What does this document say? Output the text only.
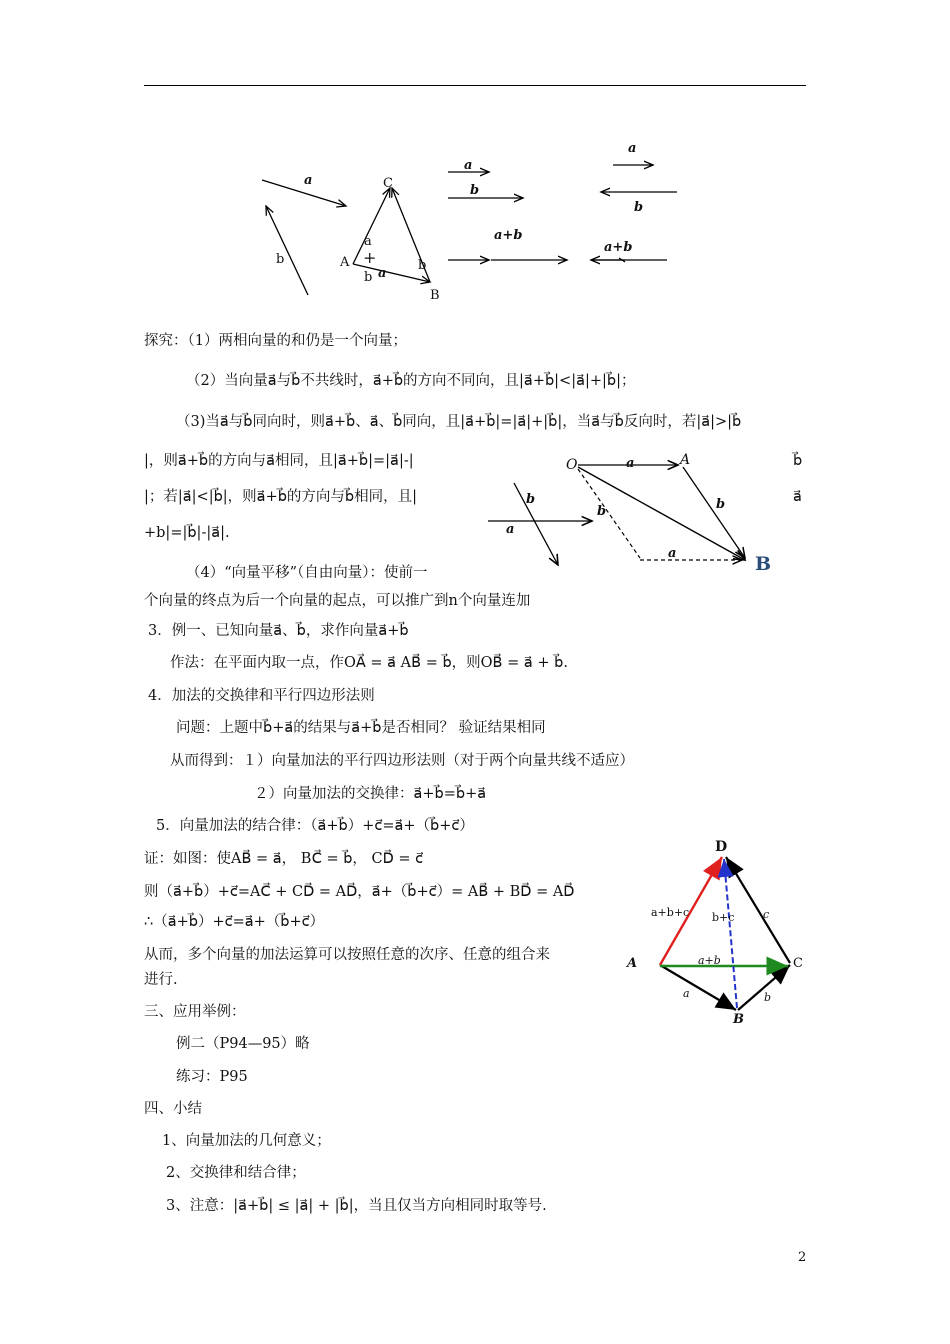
a
b
C
A
B
a
+
b a
b
a
b
a+b
a
b
a+b
探究：（1）两相向量的和仍是一个向量；
（2）当向量a⃗与b⃗不共线时，a⃗+b⃗的方向不同向，且|a⃗+b⃗|<|a⃗|+|b⃗|；
（3)当a⃗与b⃗同向时，则a⃗+b⃗、a⃗、b⃗同向，且|a⃗+b⃗|=|a⃗|+|b⃗|，当a⃗与b⃗反向时，若|a⃗|>|b⃗
|，则a⃗+b⃗的方向与a⃗相同，且|a⃗+b⃗|=|a⃗|-|	b⃗
|；若|a⃗|<|b⃗|，则a⃗+b⃗的方向与b⃗相同，且|	a⃗
+b|=|b⃗|-|a⃗|.
（4）“向量平移”（自由向量）：使前一
个向量的终点为后一个向量的起点，可以推广到n个向量连加
O	A
B
a
b
b
a
b
a
3．例一、已知向量a⃗、b⃗，求作向量a⃗+b⃗
作法：在平面内取一点，作OA⃗ = a⃗ AB⃗ = b⃗，则OB⃗ = a⃗ + b⃗.
4．加法的交换律和平行四边形法则
问题：上题中b⃗+a⃗的结果与a⃗+b⃗是否相同？ 验证结果相同
从而得到：１）向量加法的平行四边形法则（对于两个向量共线不适应）
２）向量加法的交换律：a⃗+b⃗=b⃗+a⃗
5．向量加法的结合律：（a⃗+b⃗）+c⃗=a⃗+（b⃗+c⃗）
证：如图：使AB⃗ = a⃗， BC⃗ = b⃗， CD⃗ = c⃗
则（a⃗+b⃗）+c⃗=AC⃗ + CD⃗ = AD⃗，a⃗+（b⃗+c⃗）= AB⃗ + BD⃗ = AD⃗
∴（a⃗+b⃗）+c⃗=a⃗+（b⃗+c⃗）
从而，多个向量的加法运算可以按照任意的次序、任意的组合来
进行.
三、应用举例：
例二（P94—95）略
练习：P95
四、小结
1、向量加法的几何意义；
2、交换律和结合律；
3、注意：|a⃗+b⃗| ≤ |a⃗| + |b⃗|，当且仅当方向相同时取等号.
D
A
B
C
a+b+c b+c	c
a+b
a	b
2
